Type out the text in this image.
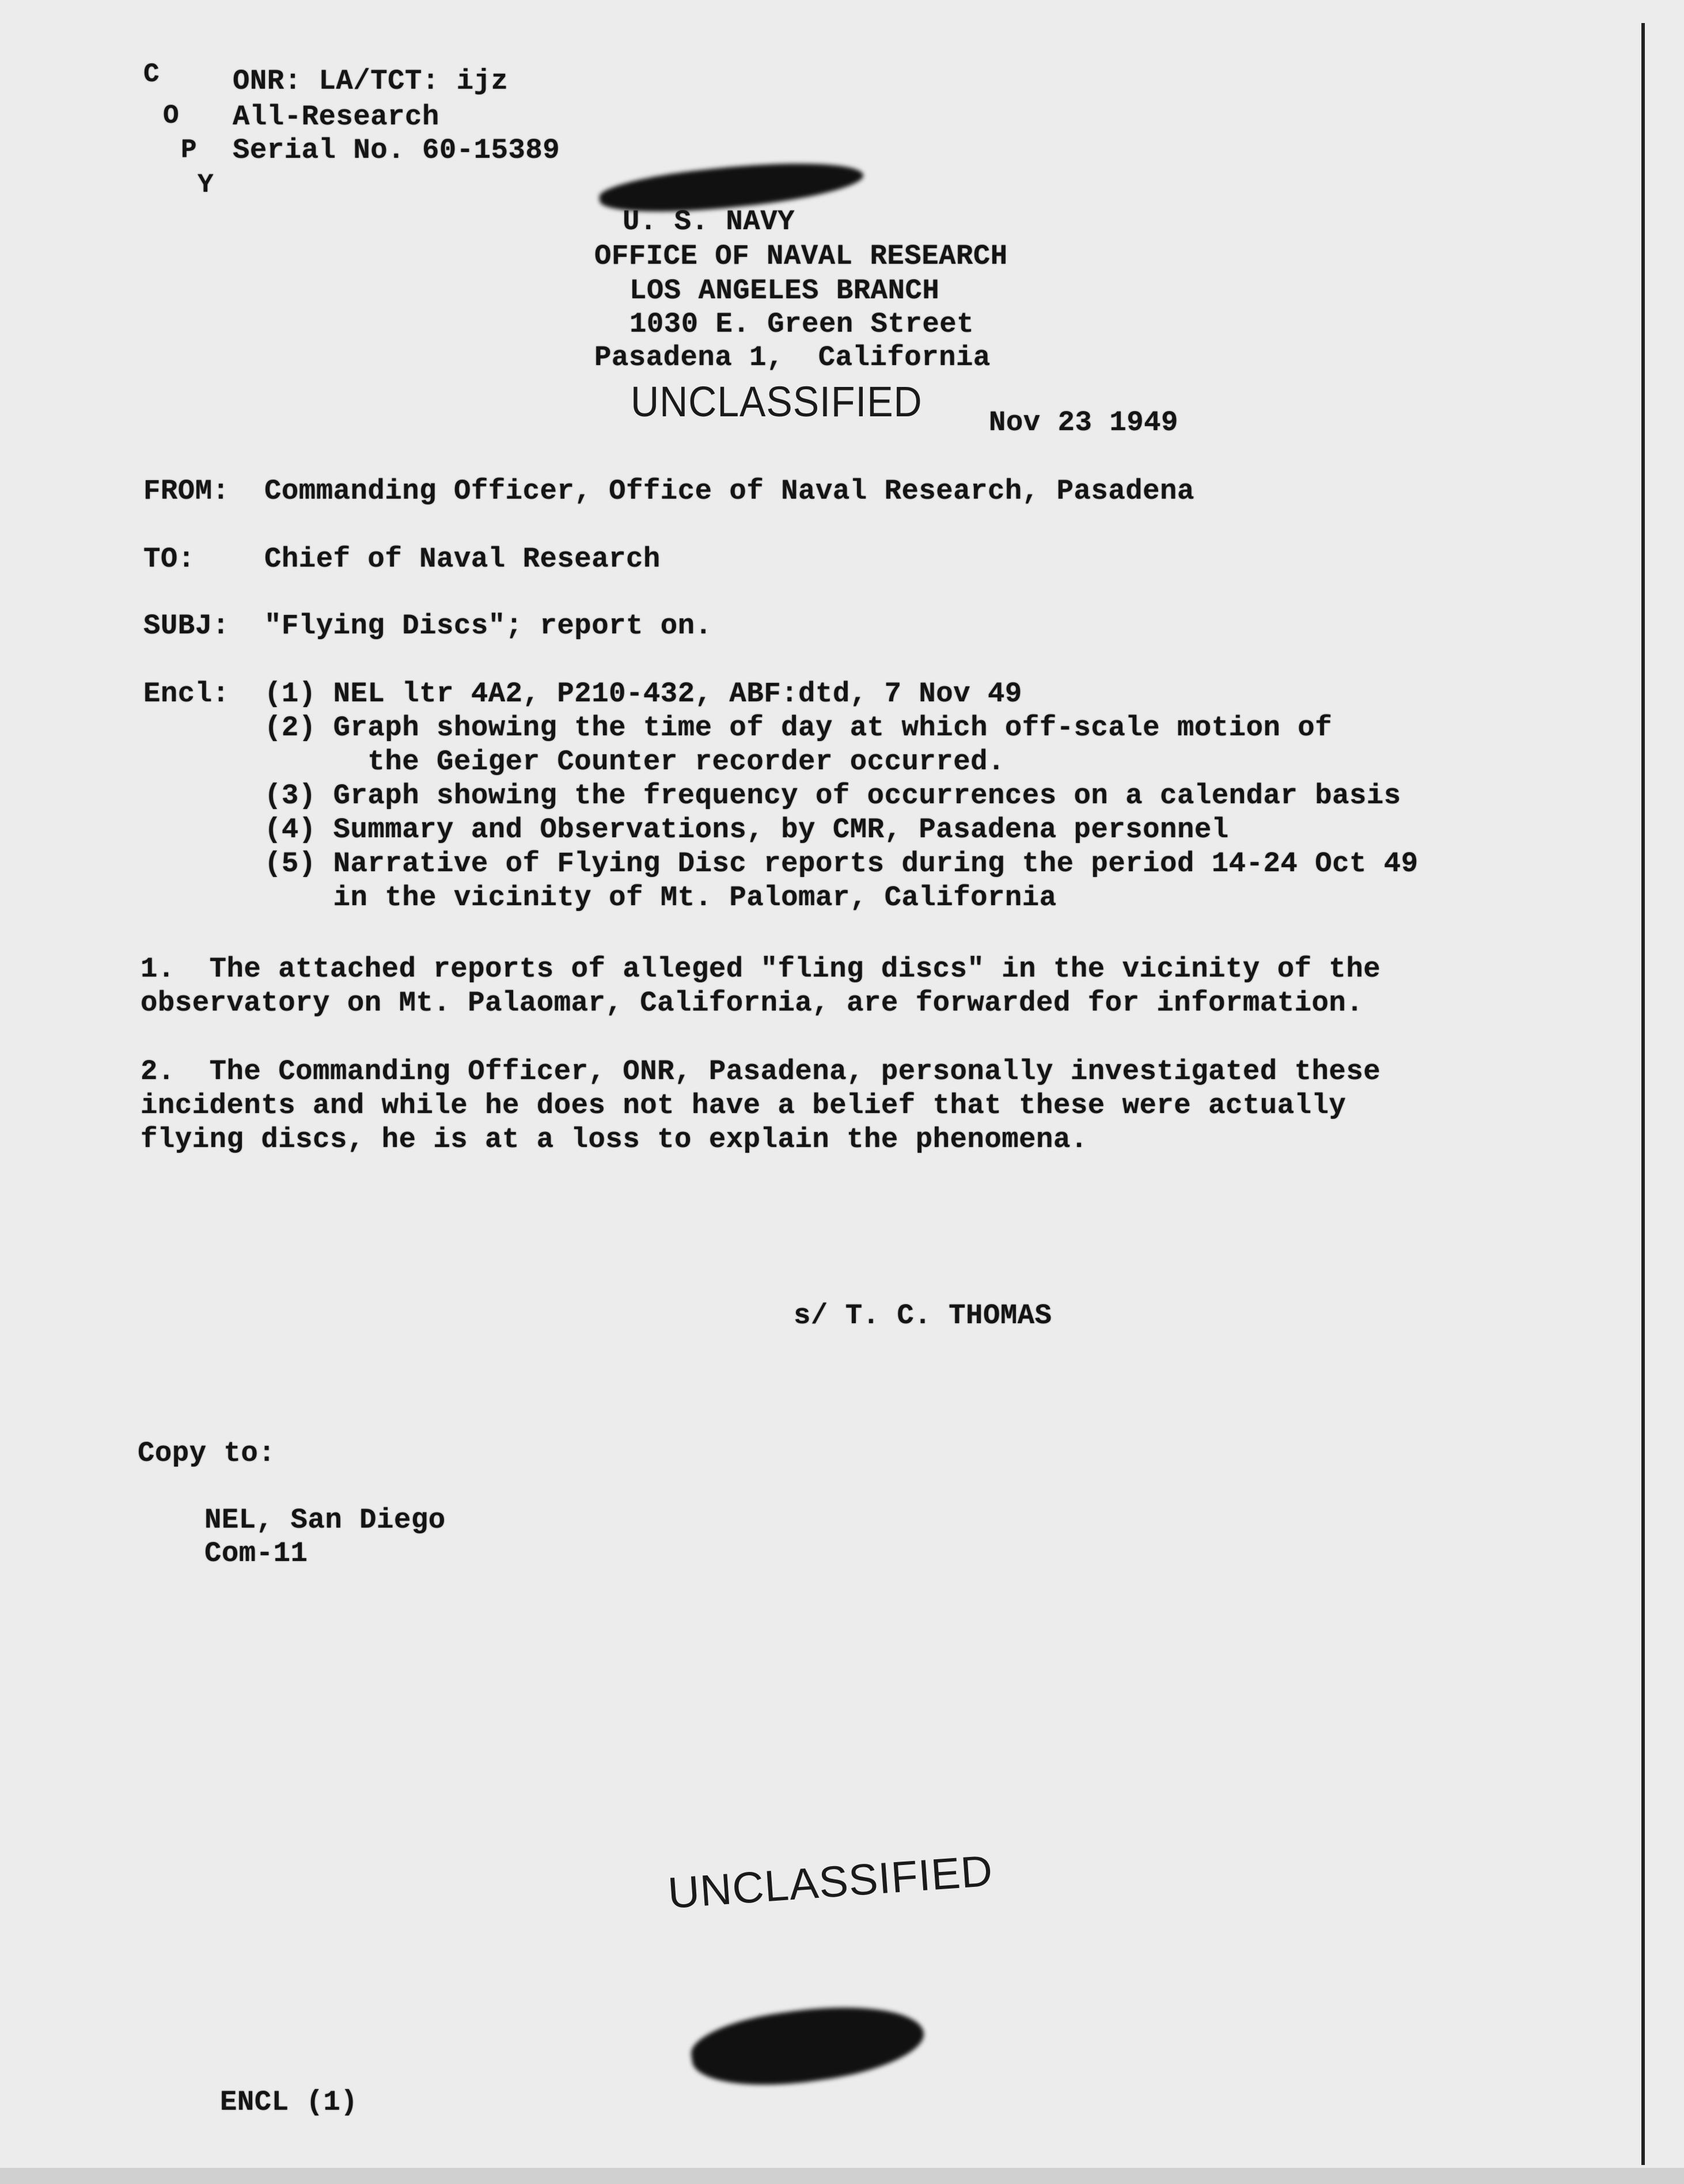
C
O
P
Y
ONR: LA/TCT: ijz
All-Research
Serial No. 60-15389
U. S. NAVY
OFFICE OF NAVAL RESEARCH
LOS ANGELES BRANCH
1030 E. Green Street
Pasadena 1,  California
UNCLASSIFIED Nov 23 1949
FROM: Commanding Officer, Office of Naval Research, Pasadena
TO: Chief of Naval Research
SUBJ: "Flying Discs"; report on.
Encl: (1) NEL ltr 4A2, P210-432, ABF:dtd, 7 Nov 49
(2) Graph showing the time of day at which off-scale motion of
the Geiger Counter recorder occurred.
(3) Graph showing the frequency of occurrences on a calendar basis
(4) Summary and Observations, by CMR, Pasadena personnel
(5) Narrative of Flying Disc reports during the period 14-24 Oct 49
in the vicinity of Mt. Palomar, California
1.  The attached reports of alleged "fling discs" in the vicinity of the
observatory on Mt. Palaomar, California, are forwarded for information.
2.  The Commanding Officer, ONR, Pasadena, personally investigated these
incidents and while he does not have a belief that these were actually
flying discs, he is at a loss to explain the phenomena.
s/ T. C. THOMAS
Copy to:
NEL, San Diego
Com-11
UNCLASSIFIED
ENCL (1)
